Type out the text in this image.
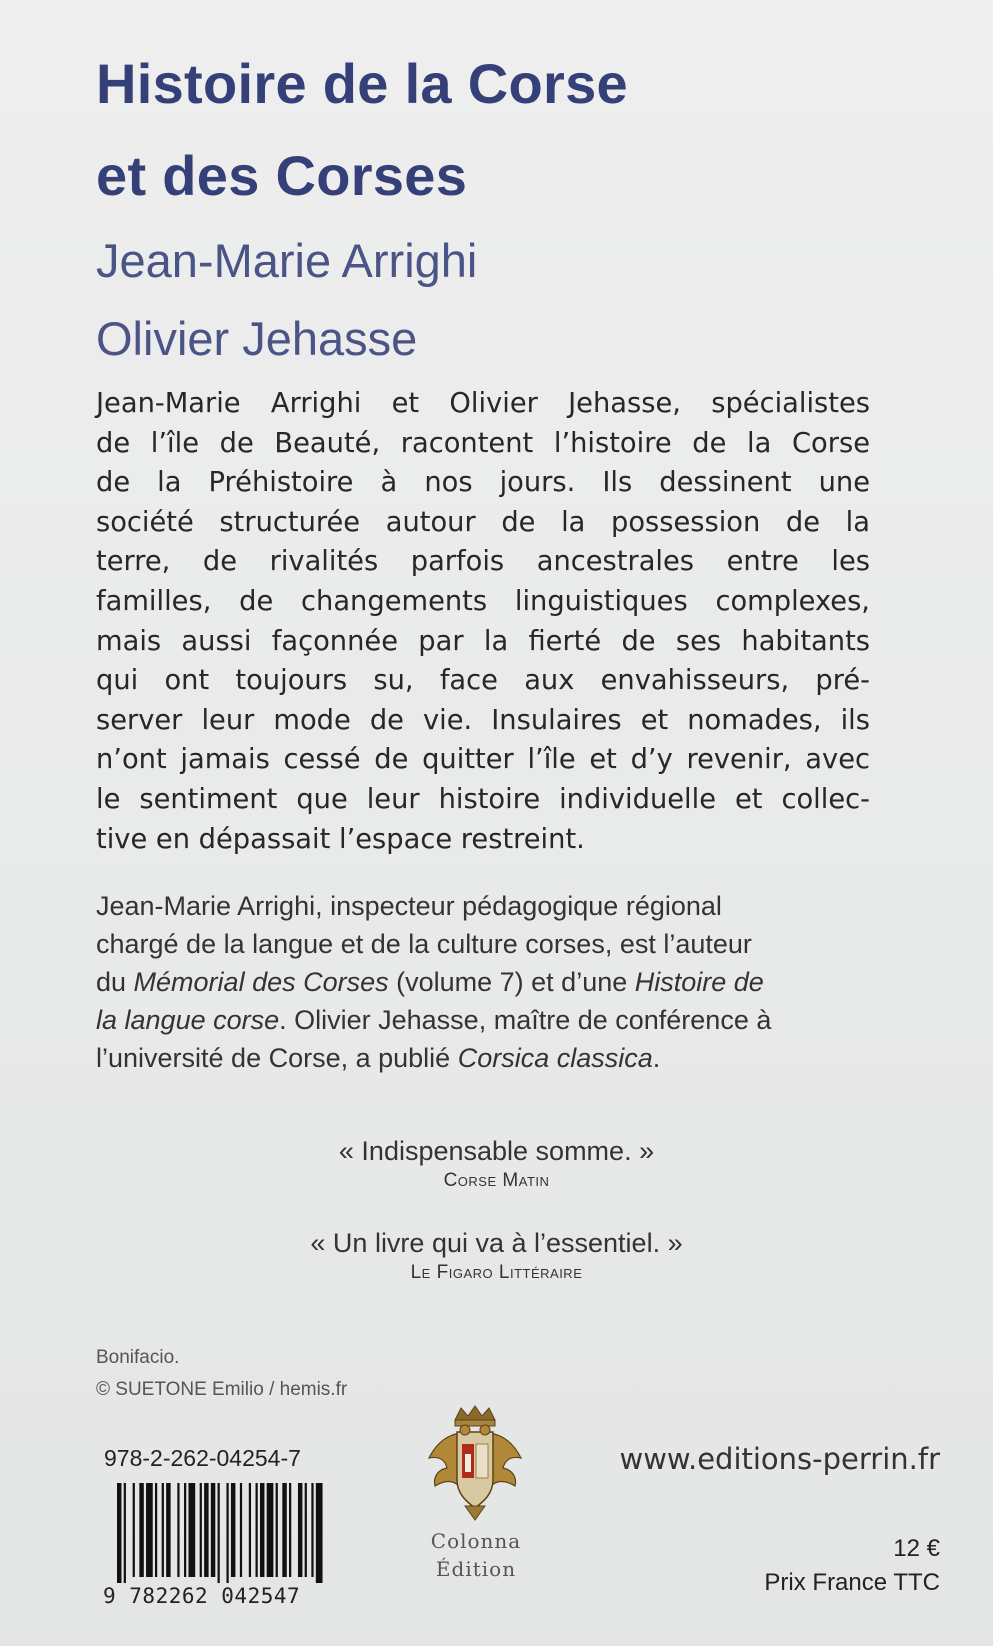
Histoire de la Corse
et des Corses
Jean-Marie Arrighi
Olivier Jehasse

Jean-Marie Arrighi et Olivier Jehasse, spécialistes
de l’île de Beauté, racontent l’histoire de la Corse
de la Préhistoire à nos jours. Ils dessinent une
société structurée autour de la possession de la
terre, de rivalités parfois ancestrales entre les
familles, de changements linguistiques complexes,
mais aussi façonnée par la fierté de ses habitants
qui ont toujours su, face aux envahisseurs, pré-
server leur mode de vie. Insulaires et nomades, ils
n’ont jamais cessé de quitter l’île et d’y revenir, avec
le sentiment que leur histoire individuelle et collec-
tive en dépassait l’espace restreint.

Jean-Marie Arrighi, inspecteur pédagogique régional
chargé de la langue et de la culture corses, est l’auteur
du Mémorial des Corses (volume 7) et d’une Histoire de
la langue corse. Olivier Jehasse, maître de conférence à
l’université de Corse, a publié Corsica classica.

« Indispensable somme. »
Corse Matin
« Un livre qui va à l’essentiel. »
Le Figaro Littéraire
Bonifacio.
© SUETONE Emilio / hemis.fr
978-2-262-04254-7
9 782262 042547
Colonna
Édition
www.editions-perrin.fr
12 €
Prix France TTC
